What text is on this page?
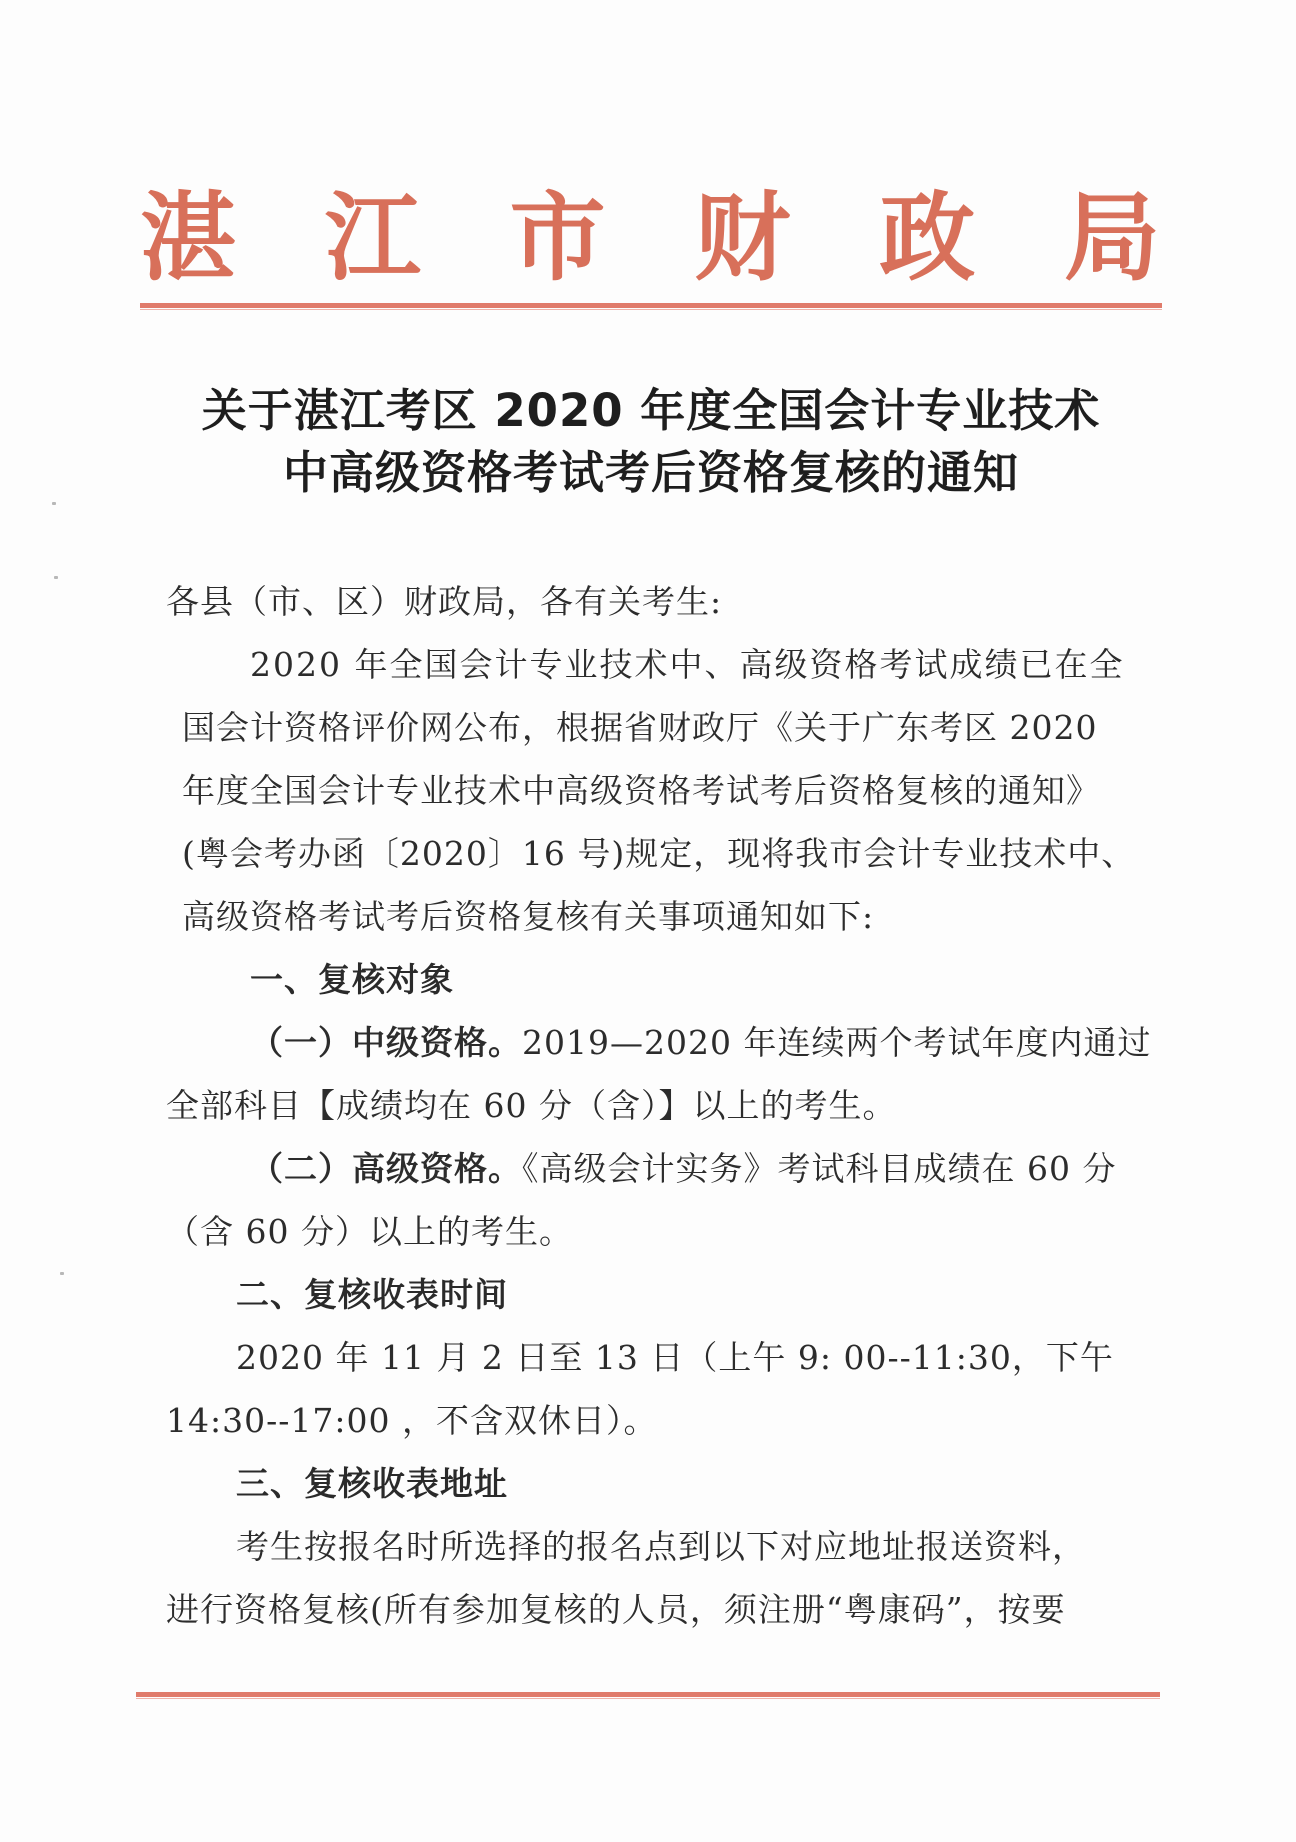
湛 江 市 财 政 局
关于湛江考区 2020 年度全国会计专业技术
中高级资格考试考后资格复核的通知
各县（市、区）财政局，各有关考生:
2020 年全国会计专业技术中、高级资格考试成绩已在全
国会计资格评价网公布，根据省财政厅《关于广东考区 2020
年度全国会计专业技术中高级资格考试考后资格复核的通知》
(粤会考办函〔2020〕16 号)规定，现将我市会计专业技术中、
高级资格考试考后资格复核有关事项通知如下:
一、复核对象
（一）中级资格。2019—2020 年连续两个考试年度内通过
全部科目【成绩均在 60 分（含）】以上的考生。
（二）高级资格。《高级会计实务》考试科目成绩在 60 分
（含 60 分）以上的考生。
二、复核收表时间
2020 年 11 月 2 日至 13 日（上午 9: 00--11:30，下午
14:30--17:00 ，不含双休日）。
三、复核收表地址
考生按报名时所选择的报名点到以下对应地址报送资料，
进行资格复核(所有参加复核的人员，须注册“粤康码”，按要
